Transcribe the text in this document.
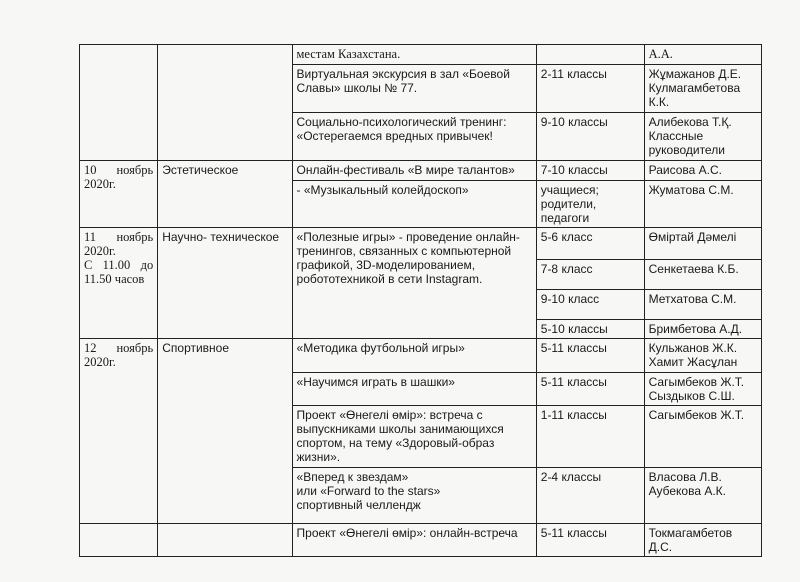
		местам Казахстана.		А.А.

		Виртуальная экскурсия в зал «Боевой
Славы» школы № 77.	2-11 классы	Жұмажанов Д.Е.
Кулмагамбетова
К.К.

		Социально-психологический тренинг:
«Остерегаемся вредных привычек!	9-10 классы	Алибекова Т.Қ.
Классные
руководители

10 ноябрь
2020г.	Эстетическое	Онлайн-фестиваль «В мире талантов»	7-10 классы	Раисова А.С.
		- «Музыкальный колейдоскоп»	учащиеся;
родители,
педагоги	Жуматова С.М.

11 ноябрь
2020г.
С 11.00 до
11.50 часов	Научно- техническое	«Полезные игры» - проведение онлайн-
тренингов, связанных с компьютерной
графикой, 3D-моделированием,
робототехникой в сети Instagram.	5-6 класс	Өміртай Дәмелі
			7-8 класс	Сенкетаева К.Б.
			9-10 класс	Метхатова С.М.
			5-10 классы	Бримбетова А.Д.

12 ноябрь
2020г.	Спортивное	«Методика футбольной игры»	5-11 классы	Кульжанов Ж.К.
Хамит Жасұлан

		«Научимся играть в шашки»	5-11 классы	Сагымбеков Ж.Т.
Сыздыков С.Ш.

		Проект «Өнегелі өмір»: встреча с
выпускниками школы занимающихся
спортом, на тему «Здоровый-образ
жизни».	1-11 классы	Сагымбеков Ж.Т.

		«Вперед к звездам»
или «Forward to the stars»
спортивный челлендж	2-4 классы	Власова Л.В.
Аубекова А.К.

		Проект «Өнегелі өмір»: онлайн-встреча	5-11 классы	Токмагамбетов Д.С.
